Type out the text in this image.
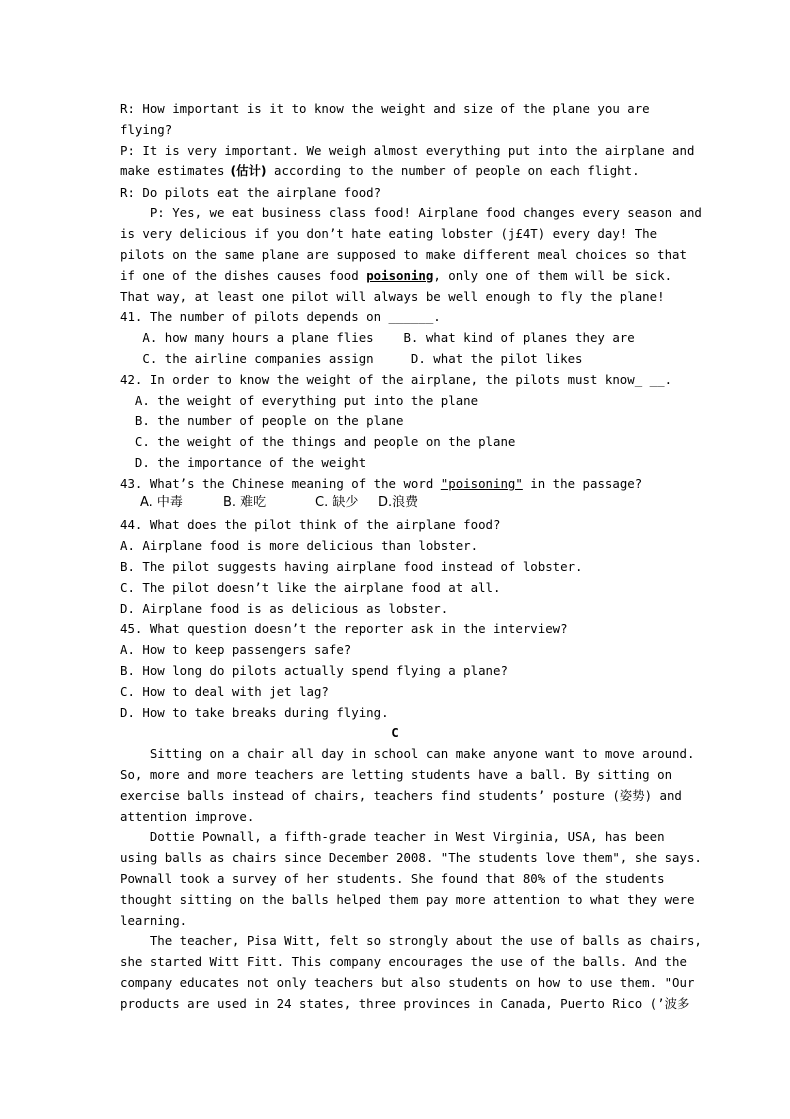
R: How important is it to know the weight and size of the plane you are
flying?
P: It is very important. We weigh almost everything put into the airplane and
make estimates (估计) according to the number of people on each flight.
R: Do pilots eat the airplane food?
P: Yes, we eat business class food! Airplane food changes every season and
is very delicious if you don’t hate eating lobster (j£4T) every day! The
pilots on the same plane are supposed to make different meal choices so that
if one of the dishes causes food poisoning, only one of them will be sick.
That way, at least one pilot will always be well enough to fly the plane!
41. The number of pilots depends on ______.
A. how many hours a plane flies    B. what kind of planes they are
C. the airline companies assign     D. what the pilot likes
42. In order to know the weight of the airplane, the pilots must know_ __.
A. the weight of everything put into the plane
B. the number of people on the plane
C. the weight of the things and people on the plane
D. the importance of the weight
43. What’s the Chinese meaning of the word "poisoning" in the passage?
A. 中毒	B. 难吃	C. 缺少 D.浪费
44. What does the pilot think of the airplane food?
A. Airplane food is more delicious than lobster.
B. The pilot suggests having airplane food instead of lobster.
C. The pilot doesn’t like the airplane food at all.
D. Airplane food is as delicious as lobster.
45. What question doesn’t the reporter ask in the interview?
A. How to keep passengers safe?
B. How long do pilots actually spend flying a plane?
C. How to deal with jet lag?
D. How to take breaks during flying.
C
Sitting on a chair all day in school can make anyone want to move around.
So, more and more teachers are letting students have a ball. By sitting on
exercise balls instead of chairs, teachers find students’ posture (姿势) and
attention improve.
Dottie Pownall, a fifth-grade teacher in West Virginia, USA, has been
using balls as chairs since December 2008. "The students love them", she says.
Pownall took a survey of her students. She found that 80% of the students
thought sitting on the balls helped them pay more attention to what they were
learning.
The teacher, Pisa Witt, felt so strongly about the use of balls as chairs,
she started Witt Fitt. This company encourages the use of the balls. And the
company educates not only teachers but also students on how to use them. "Our
products are used in 24 states, three provinces in Canada, Puerto Rico (’波多
